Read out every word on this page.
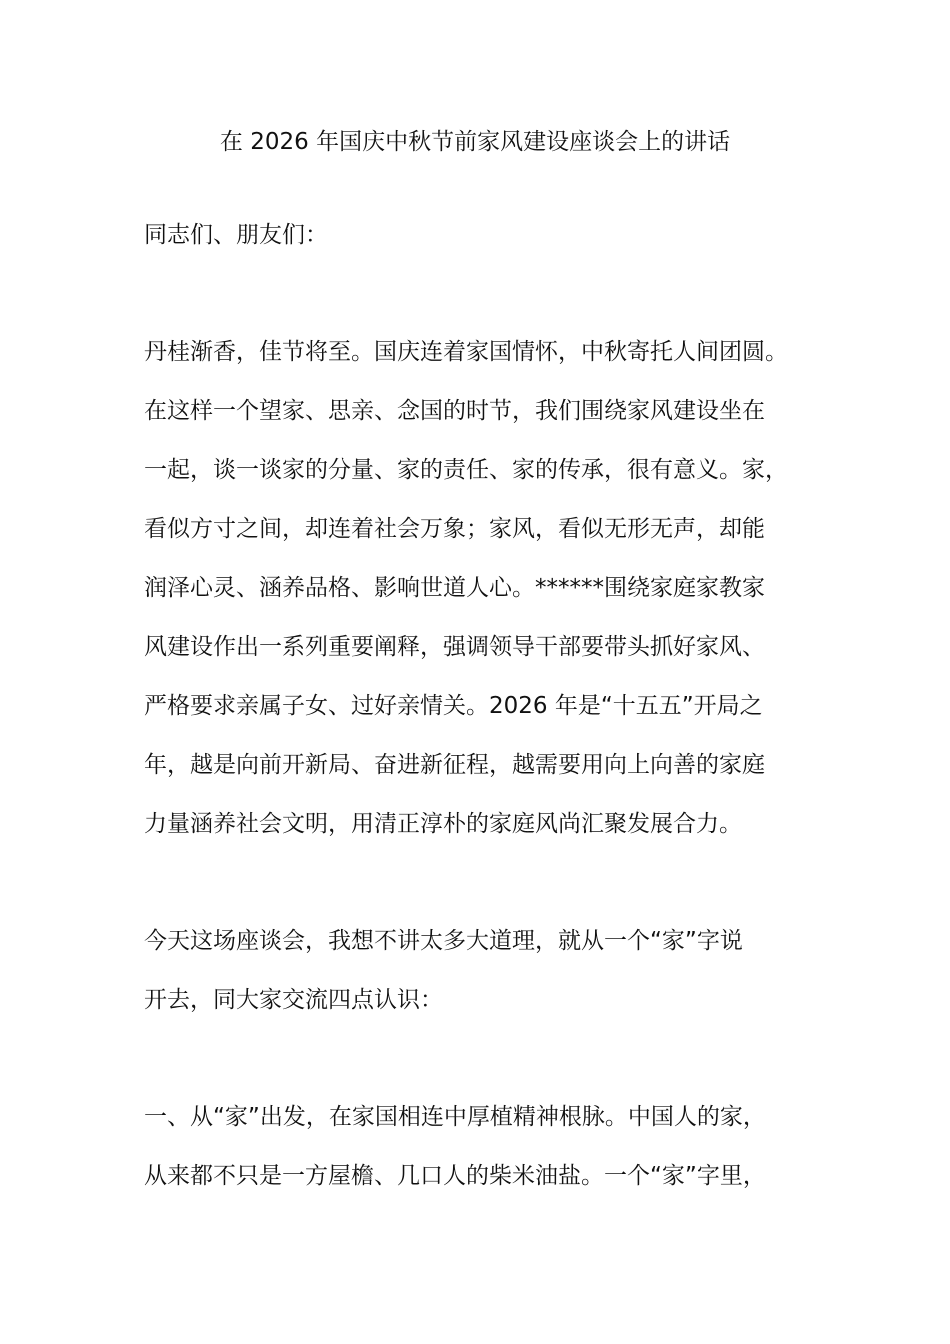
在 2026 年国庆中秋节前家风建设座谈会上的讲话
同志们、朋友们：
丹桂渐香，佳节将至。国庆连着家国情怀，中秋寄托人间团圆。
在这样一个望家、思亲、念国的时节，我们围绕家风建设坐在
一起，谈一谈家的分量、家的责任、家的传承，很有意义。家，
看似方寸之间，却连着社会万象；家风，看似无形无声，却能
润泽心灵、涵养品格、影响世道人心。******围绕家庭家教家
风建设作出一系列重要阐释，强调领导干部要带头抓好家风、
严格要求亲属子女、过好亲情关。2026 年是“十五五”开局之
年，越是向前开新局、奋进新征程，越需要用向上向善的家庭
力量涵养社会文明，用清正淳朴的家庭风尚汇聚发展合力。
今天这场座谈会，我想不讲太多大道理，就从一个“家”字说
开去，同大家交流四点认识：
一、从“家”出发，在家国相连中厚植精神根脉。中国人的家，
从来都不只是一方屋檐、几口人的柴米油盐。一个“家”字里，
